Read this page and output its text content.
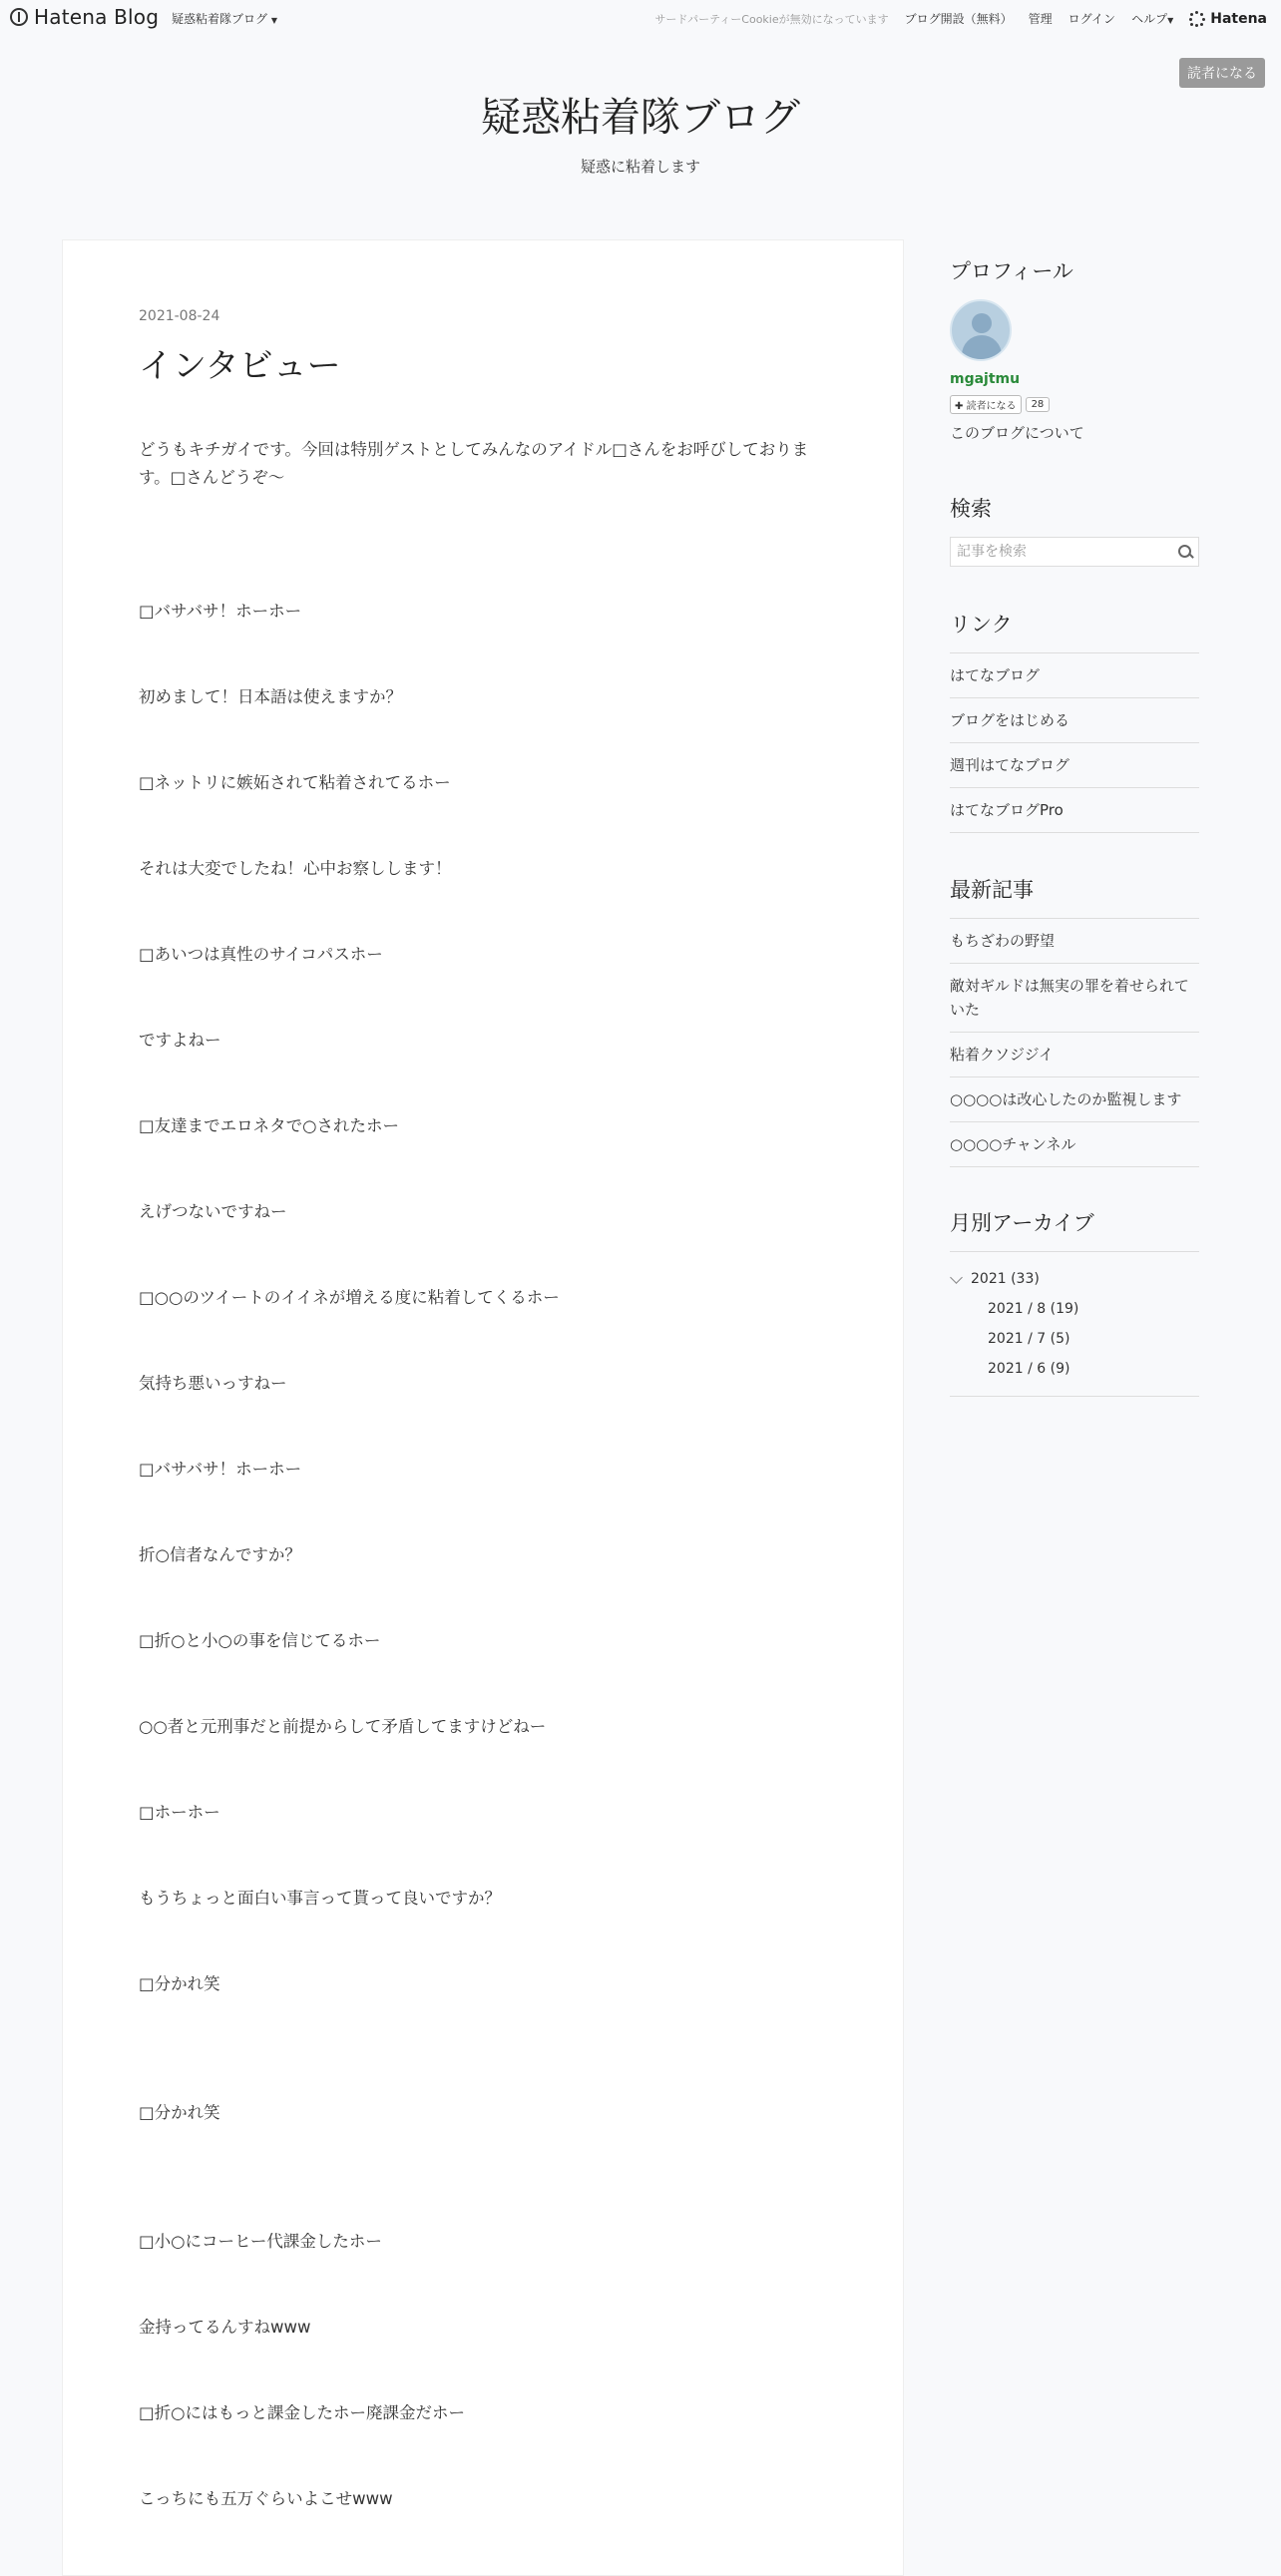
Hatena Blog 疑惑粘着隊ブログ ▼	サードパーティーCookieが無効になっています ブログ開設（無料） 管理 ログイン ヘルプ▼	Hatena
読者になる
疑惑粘着隊ブログ
疑惑に粘着します
2021-08-24
インタビュー

どうもキチガイです。今回は特別ゲストとしてみんなのアイドル□さんをお呼びしております。□さんどうぞ〜

□バサバサ！ホーホー

初めまして！日本語は使えますか？

□ネットリに嫉妬されて粘着されてるホー

それは大変でしたね！心中お察しします！

□あいつは真性のサイコパスホー

ですよねー

□友達までエロネタで○されたホー

えげつないですねー

□○○のツイートのイイネが増える度に粘着してくるホー

気持ち悪いっすねー

□バサバサ！ホーホー

折○信者なんですか？

□折○と小○の事を信じてるホー

○○者と元刑事だと前提からして矛盾してますけどねー

□ホーホー

もうちょっと面白い事言って貰って良いですか？

□分かれ笑

□分かれ笑

□小○にコーヒー代課金したホー

金持ってるんすねwww

□折○にはもっと課金したホー廃課金だホー

こっちにも五万ぐらいよこせwww

プロフィール
mgajtmu
✚ 読者になる	28
このブログについて
検索
記事を検索
リンク
はてなブログ
ブログをはじめる
週刊はてなブログ
はてなブログPro
最新記事
もちざわの野望
敵対ギルドは無実の罪を着せられていた
粘着クソジジイ
○○○○は改心したのか監視します
○○○○チャンネル
月別アーカイブ
2021 (33)
2021 / 8 (19)
2021 / 7 (5)
2021 / 6 (9)
